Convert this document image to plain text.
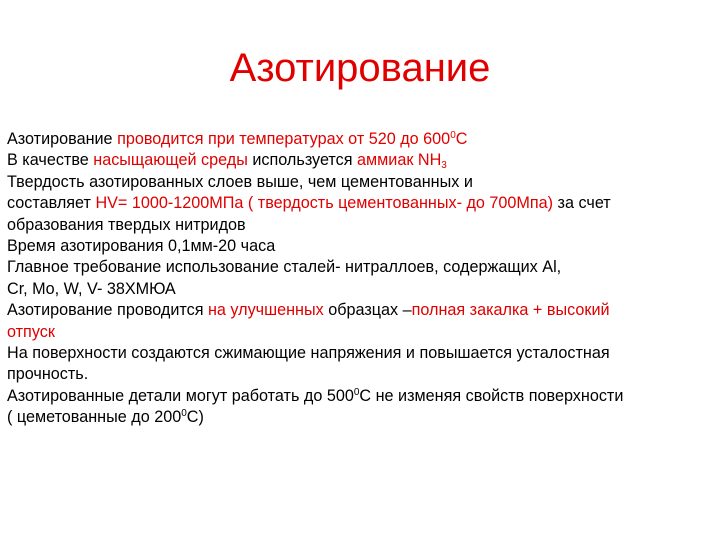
Азотирование
Азотирование проводится при температурах от 520 до $600^0С$
В качестве насыщающей среды используется аммиак $NH_3$
Твердость азотированных слоев выше, чем цементованных и
составляет HV= 1000-1200МПа ( твердость цементованных- до 700Мпа) за счет
образования твердых нитридов
Время азотирования 0,1мм-20 часа
Главное требование использование сталей- нитраллоев, содержащих Al,
Cr, Mo, W, V- 38ХМЮА
Азотирование проводится на улучшенных образцах –полная закалка + высокий
отпуск
На поверхности создаются сжимающие напряжения и повышается усталостная
прочность.
Азотированные детали могут работать до $500^0С$ не изменяя свойств поверхности
( цеметованные до $200^0С$)
